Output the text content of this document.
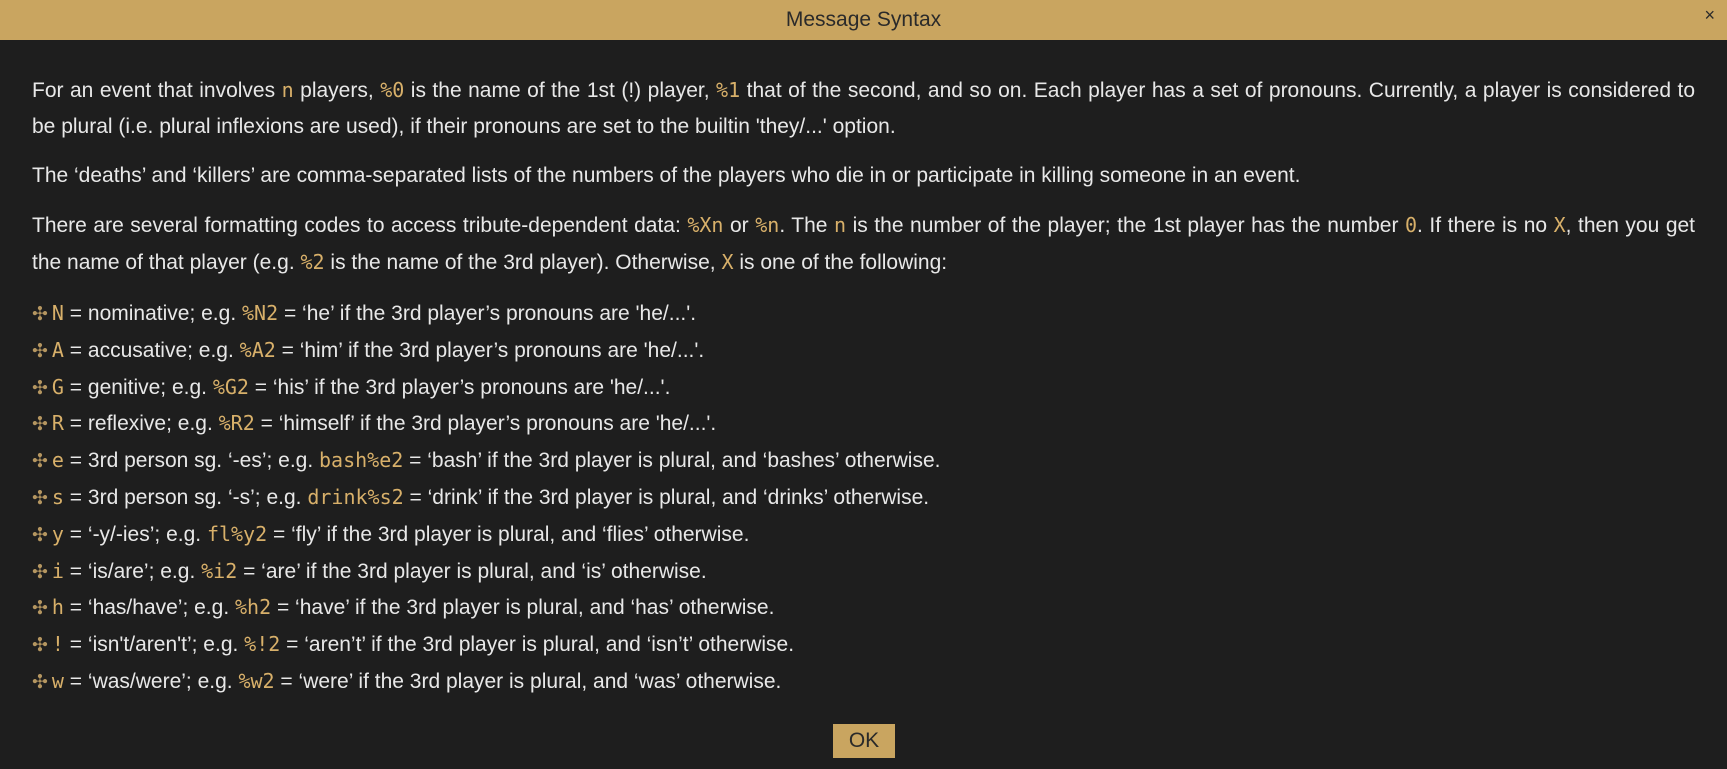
Message Syntax	×

For an event that involves n players, %0 is the name of the 1st (!) player, %1 that of the second, and so on. Each player has a set of pronouns. Currently, a player is considered to be plural (i.e. plural inflexions are used), if their pronouns are set to the builtin 'they/...' option.

The ‘deaths’ and ‘killers’ are comma-separated lists of the numbers of the players who die in or participate in killing someone in an event.

There are several formatting codes to access tribute-dependent data: %Xn or %n. The n is the number of the player; the 1st player has the number 0. If there is no X, then you get the name of that player (e.g. %2 is the name of the 3rd player). Otherwise, X is one of the following:

✣ N = nominative; e.g. %N2 = ‘he’ if the 3rd player’s pronouns are 'he/...'.
✣ A = accusative; e.g. %A2 = ‘him’ if the 3rd player’s pronouns are 'he/...'.
✣ G = genitive; e.g. %G2 = ‘his’ if the 3rd player’s pronouns are 'he/...'.
✣ R = reflexive; e.g. %R2 = ‘himself’ if the 3rd player’s pronouns are 'he/...'.
✣ e = 3rd person sg. ‘-es’; e.g. bash%e2 = ‘bash’ if the 3rd player is plural, and ‘bashes’ otherwise.
✣ s = 3rd person sg. ‘-s’; e.g. drink%s2 = ‘drink’ if the 3rd player is plural, and ‘drinks’ otherwise.
✣ y = ‘-y/-ies’; e.g. fl%y2 = ‘fly’ if the 3rd player is plural, and ‘flies’ otherwise.
✣ i = ‘is/are’; e.g. %i2 = ‘are’ if the 3rd player is plural, and ‘is’ otherwise.
✣ h = ‘has/have’; e.g. %h2 = ‘have’ if the 3rd player is plural, and ‘has’ otherwise.
✣ ! = ‘isn't/aren't’; e.g. %!2 = ‘aren’t’ if the 3rd player is plural, and ‘isn’t’ otherwise.
✣ w = ‘was/were’; e.g. %w2 = ‘were’ if the 3rd player is plural, and ‘was’ otherwise.
OK
